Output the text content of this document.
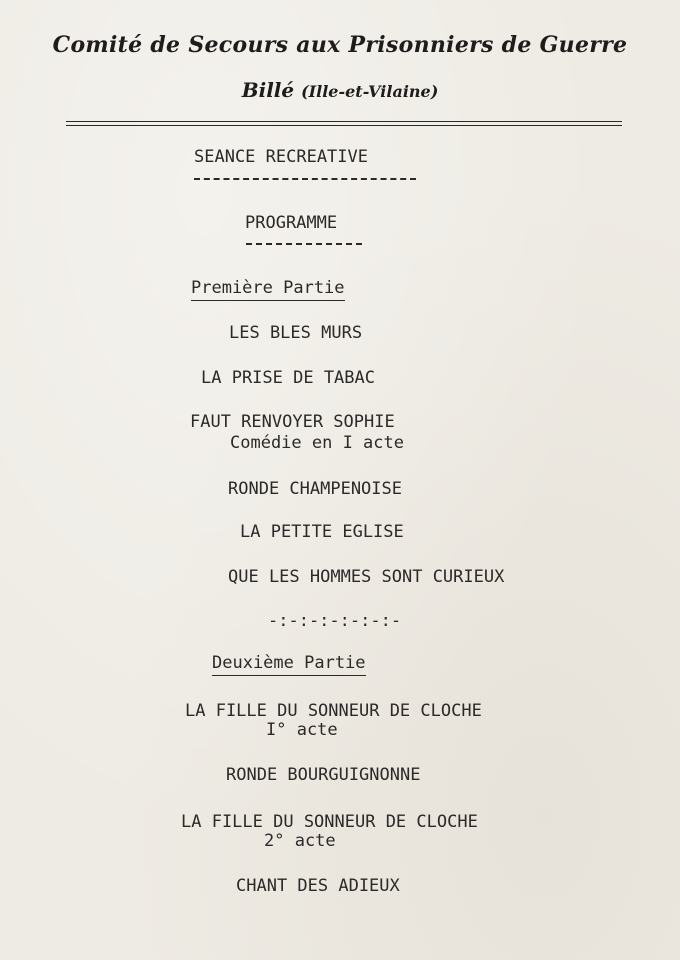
Comité de Secours aux Prisonniers de Guerre
Billé (Ille-et-Vilaine)
SEANCE RECREATIVE
PROGRAMME
Première Partie
LES BLES MURS
LA PRISE DE TABAC
FAUT RENVOYER SOPHIE
Comédie en I acte
RONDE CHAMPENOISE
LA PETITE EGLISE
QUE LES HOMMES SONT CURIEUX
-:-:-:-:-:-:-
Deuxième Partie
LA FILLE DU SONNEUR DE CLOCHE
I° acte
RONDE BOURGUIGNONNE
LA FILLE DU SONNEUR DE CLOCHE
2° acte
CHANT DES ADIEUX
